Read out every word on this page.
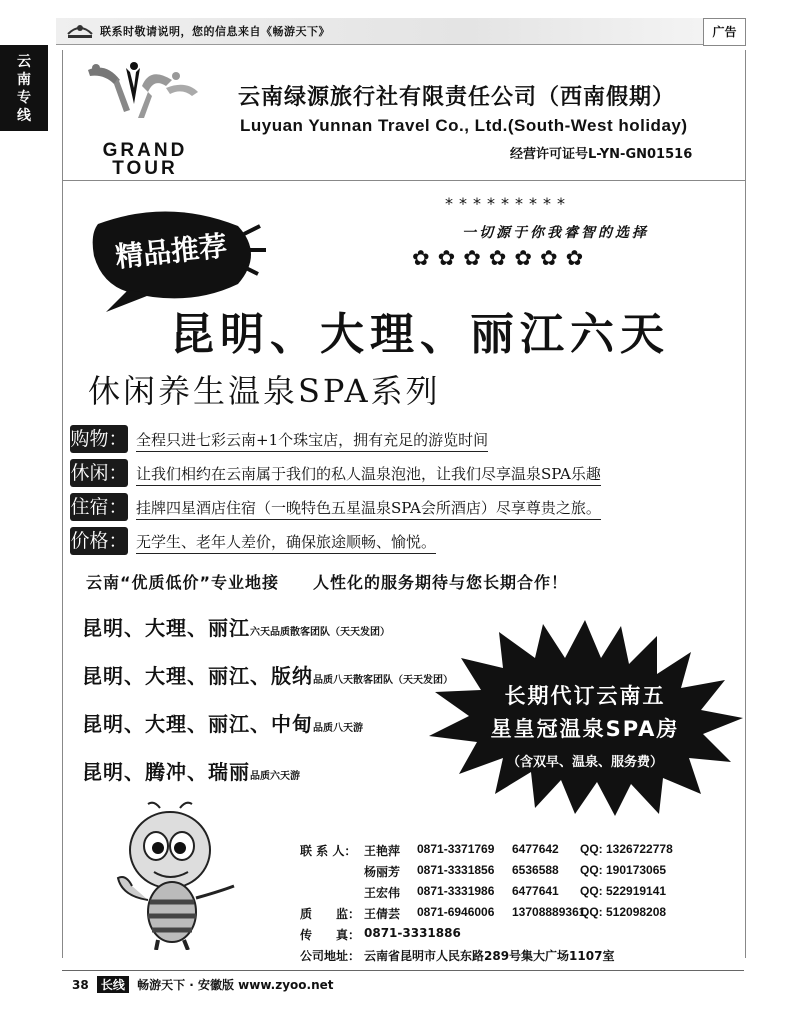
联系时敬请说明，您的信息来自《畅游天下》	广告
云南专线
GRAND
TOUR
云南绿源旅行社有限责任公司（西南假期）
Luyuan Yunnan Travel Co., Ltd.(South-West holiday)
经营许可证号L-YN-GN01516
精品推荐
*********
一切源于你我睿智的选择
✿✿✿✿✿✿✿
昆明、大理、丽江六天
休闲养生温泉SPA系列
购物： 全程只进七彩云南+1个珠宝店，拥有充足的游览时间
休闲： 让我们相约在云南属于我们的私人温泉泡池，让我们尽享温泉SPA乐趣
住宿： 挂牌四星酒店住宿（一晚特色五星温泉SPA会所酒店）尽享尊贵之旅。
价格： 无学生、老年人差价，确保旅途顺畅、愉悦。
云南“优质低价”专业地接　　人性化的服务期待与您长期合作！
昆明、大理、丽江六天品质散客团队（天天发团）
昆明、大理、丽江、版纳品质八天散客团队（天天发团）
昆明、大理、丽江、中甸品质八天游
昆明、腾冲、瑞丽品质六天游
长期代订云南五
星皇冠温泉SPA房
（含双早、温泉、服务费）
联 系 人： 王艳萍 0871-3371769 6477642 QQ: 1326722778
杨丽芳 0871-3331856 6536588 QQ: 190173065
王宏伟 0871-3331986 6477641 QQ: 522919141
质　　监： 王倩芸 0871-6946006 13708889361
QQ: 512098208
传　　真： 0871-3331886
公司地址： 云南省昆明市人民东路289号集大广场1107室
38 长线 畅游天下 · 安徽版 www.zyoo.net
